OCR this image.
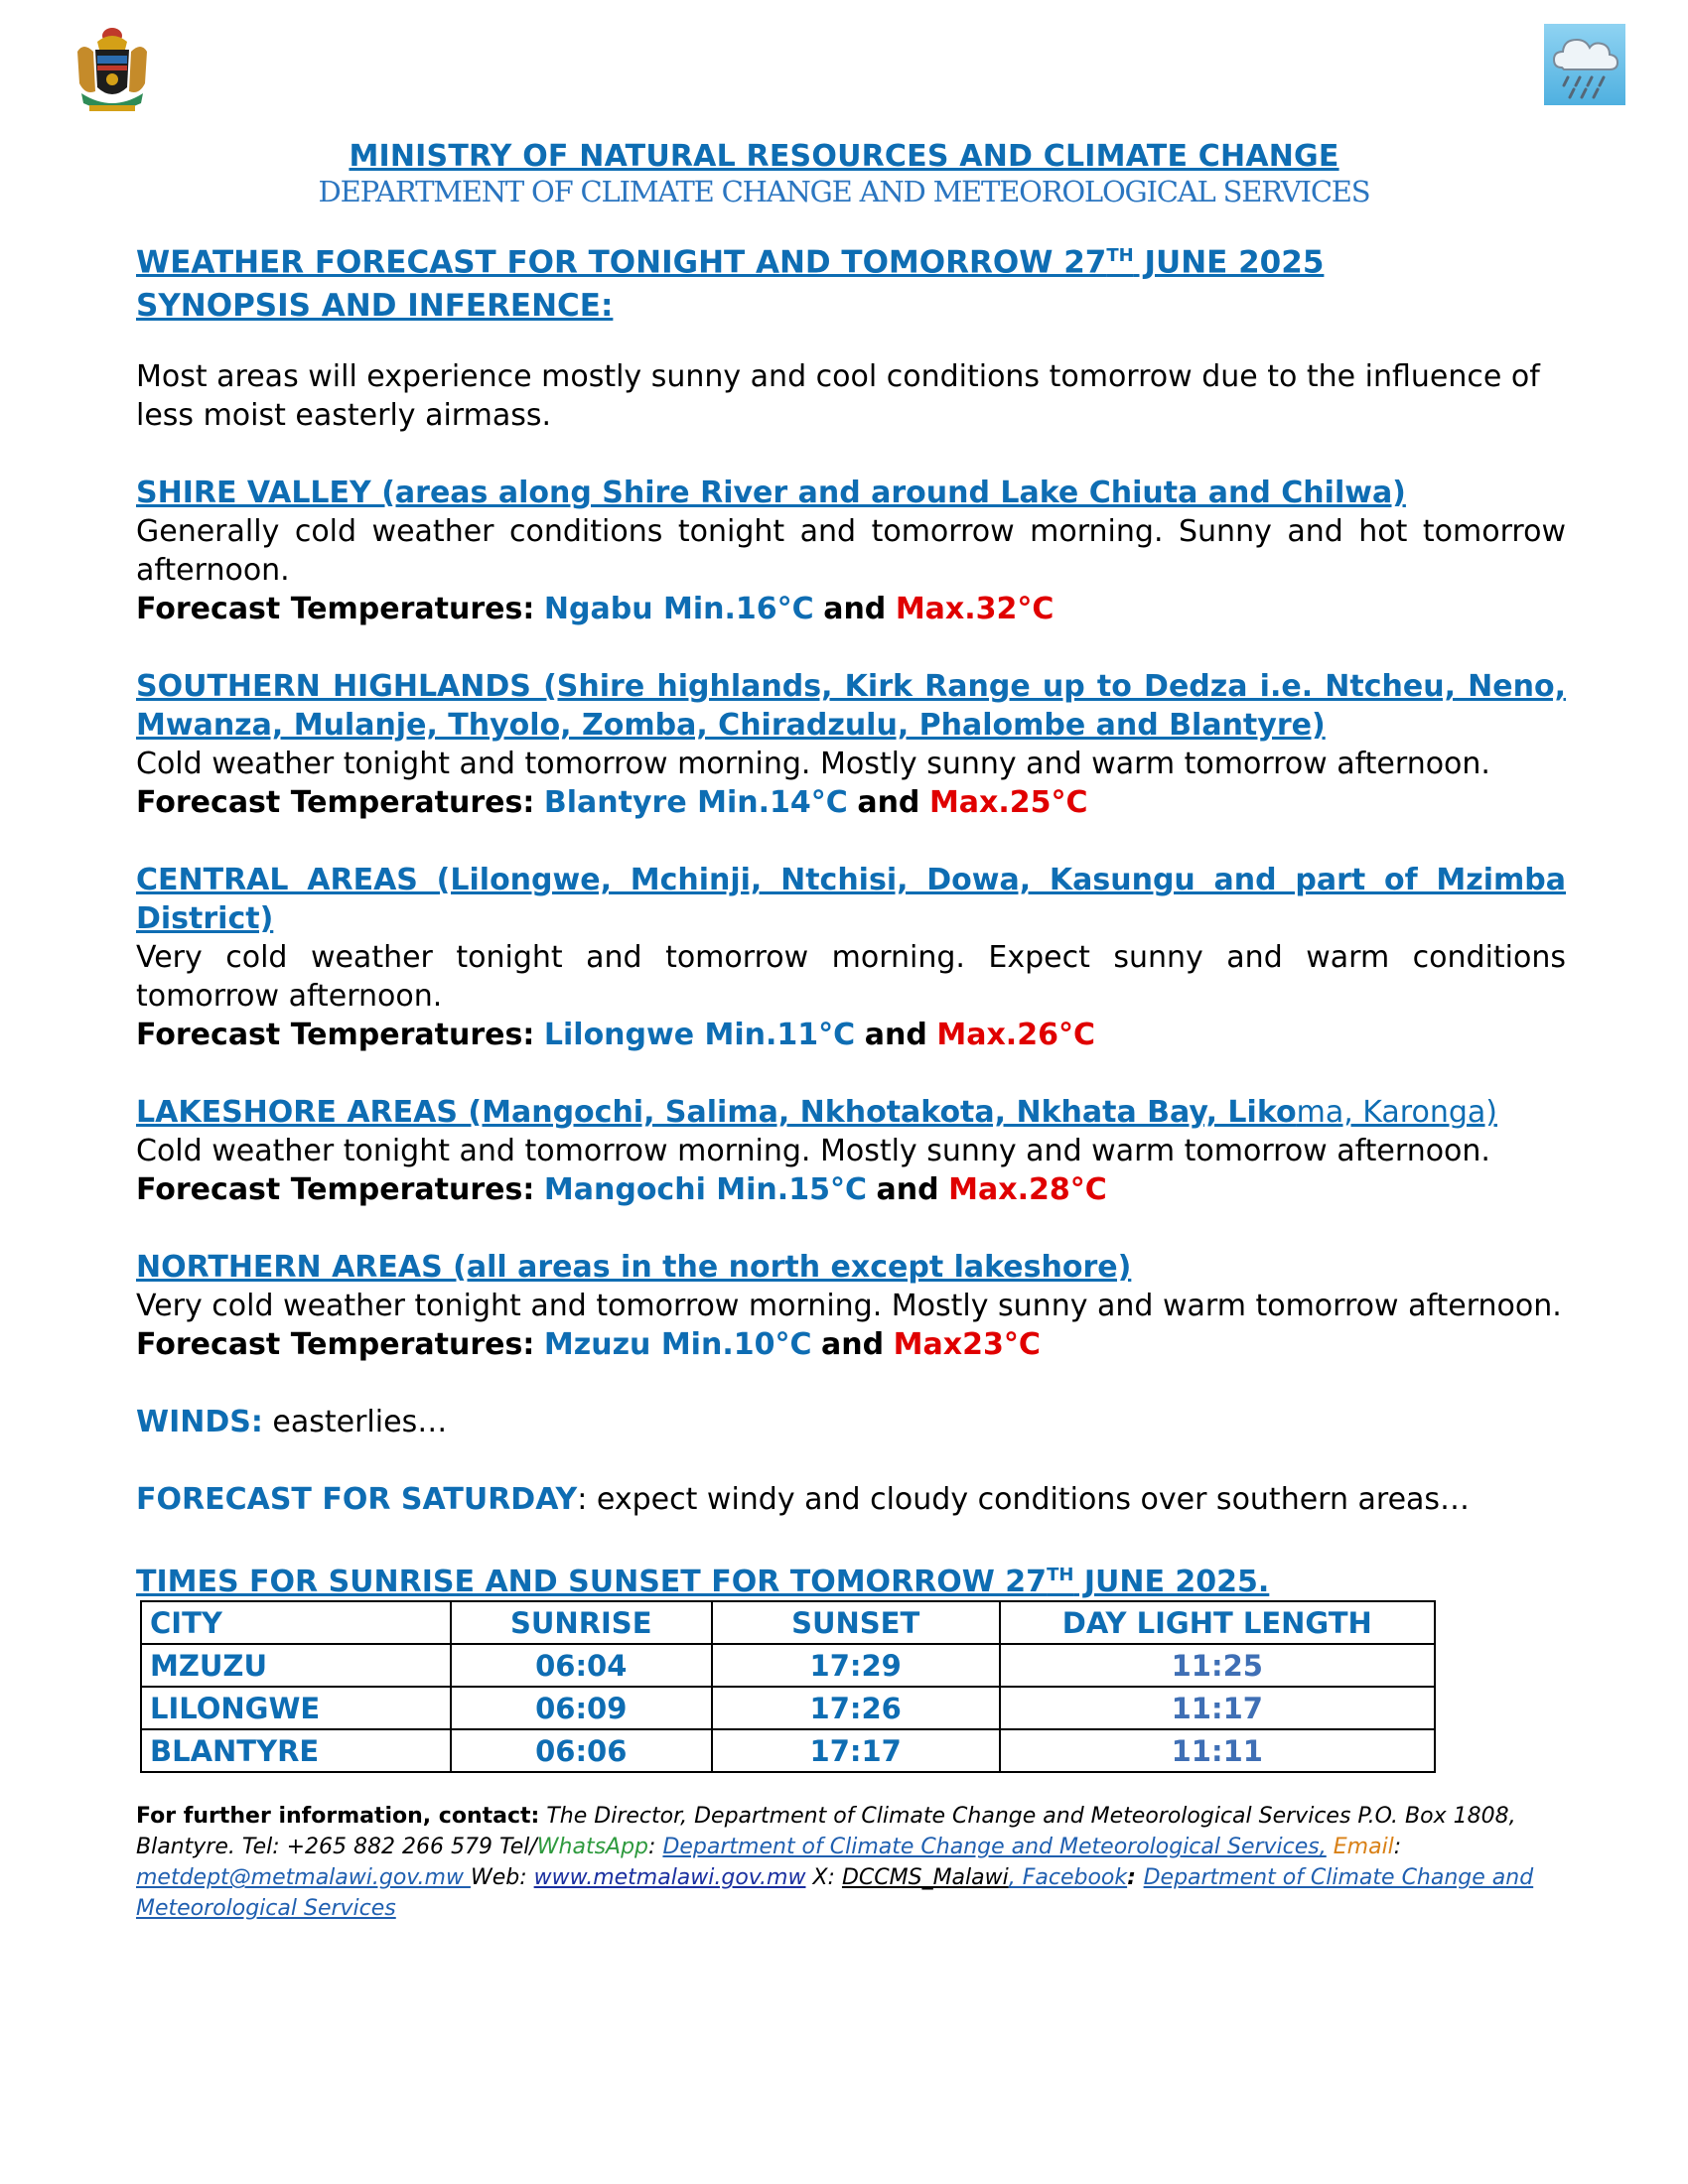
MINISTRY OF NATURAL RESOURCES AND CLIMATE CHANGE
DEPARTMENT OF CLIMATE CHANGE AND METEOROLOGICAL SERVICES
WEATHER FORECAST FOR TONIGHT AND TOMORROW 27TH JUNE 2025
SYNOPSIS AND INFERENCE:
Most areas will experience mostly sunny and cool conditions tomorrow due to the influence of less moist easterly airmass.
SHIRE VALLEY (areas along Shire River and around Lake Chiuta and Chilwa)
Generally cold weather conditions tonight and tomorrow morning. Sunny and hot tomorrow afternoon.
Forecast Temperatures: Ngabu Min.16°C and Max.32°C
SOUTHERN HIGHLANDS (Shire highlands, Kirk Range up to Dedza i.e. Ntcheu, Neno, Mwanza, Mulanje, Thyolo, Zomba, Chiradzulu, Phalombe and Blantyre)
Cold weather tonight and tomorrow morning. Mostly sunny and warm tomorrow afternoon.
Forecast Temperatures: Blantyre Min.14°C and Max.25°C
CENTRAL AREAS (Lilongwe, Mchinji, Ntchisi, Dowa, Kasungu and part of Mzimba District)
Very cold weather tonight and tomorrow morning. Expect sunny and warm conditions tomorrow afternoon.
Forecast Temperatures: Lilongwe Min.11°C and Max.26°C
LAKESHORE AREAS (Mangochi, Salima, Nkhotakota, Nkhata Bay, Likoma, Karonga)
Cold weather tonight and tomorrow morning. Mostly sunny and warm tomorrow afternoon.
Forecast Temperatures: Mangochi Min.15°C and Max.28°C
NORTHERN AREAS (all areas in the north except lakeshore)
Very cold weather tonight and tomorrow morning. Mostly sunny and warm tomorrow afternoon.
Forecast Temperatures: Mzuzu Min.10°C and Max23°C
WINDS: easterlies…
FORECAST FOR SATURDAY: expect windy and cloudy conditions over southern areas…
TIMES FOR SUNRISE AND SUNSET FOR TOMORROW 27TH JUNE 2025.
CITY	SUNRISE	SUNSET	DAY LIGHT LENGTH
MZUZU	06:04	17:29	11:25
LILONGWE	06:09	17:26	11:17
BLANTYRE	06:06	17:17	11:11
For further information, contact: The Director, Department of Climate Change and Meteorological Services P.O. Box 1808, Blantyre. Tel: +265 882 266 579 Tel/WhatsApp: Department of Climate Change and Meteorological Services, Email: metdept@metmalawi.gov.mw Web: www.metmalawi.gov.mw X: DCCMS_Malawi, Facebook: Department of Climate Change and Meteorological Services
